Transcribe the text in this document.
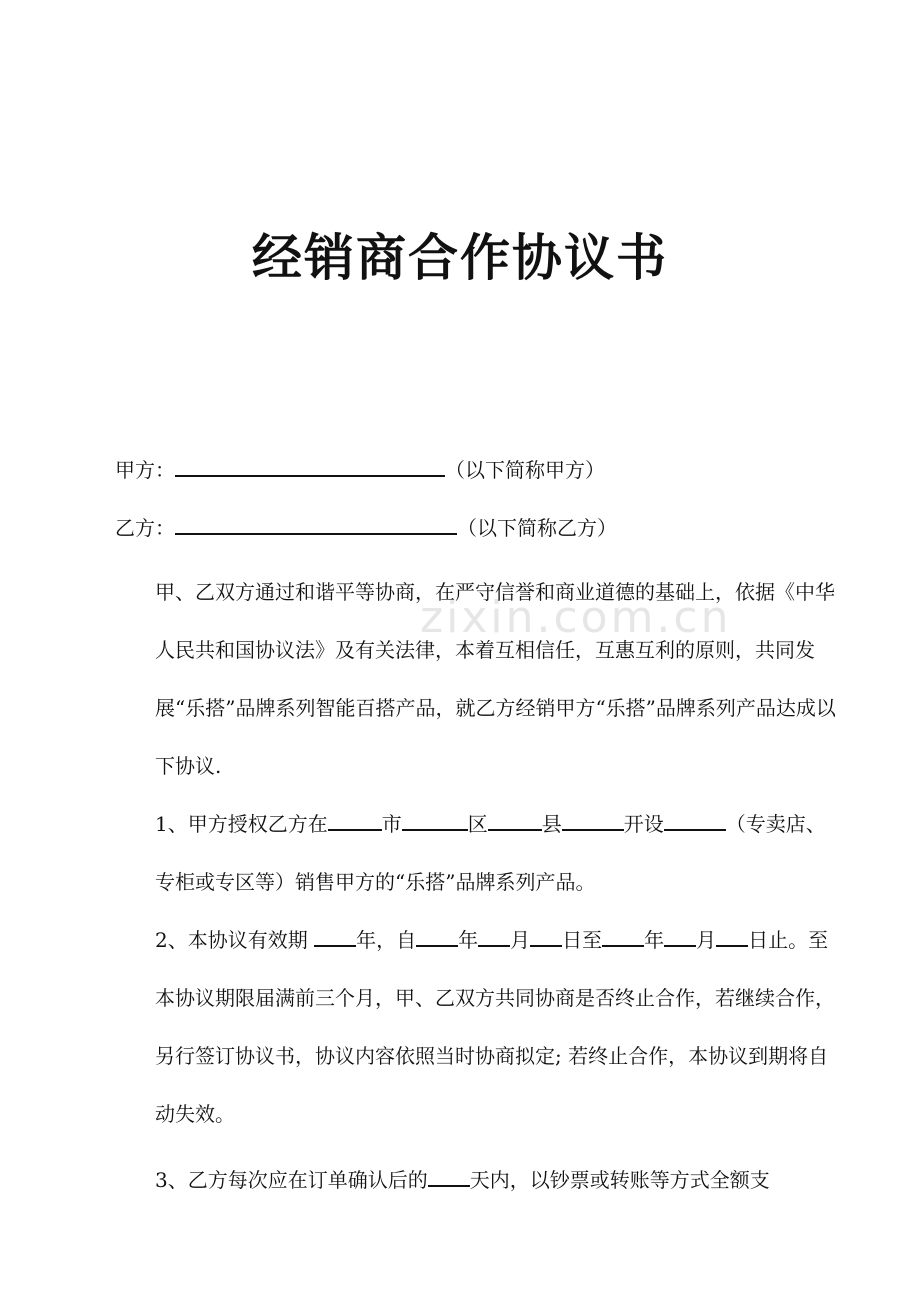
经销商合作协议书
zixin.com.cn
甲方：	（以下简称甲方）
乙方：	（以下简称乙方）

甲、乙双方通过和谐平等协商，在严守信誉和商业道德的基础上，依据《中华人民共和国协议法》及有关法律，本着互相信任，互惠互利的原则，共同发展“乐搭”品牌系列智能百搭产品，就乙方经销甲方“乐搭”品牌系列产品达成以下协议.

1、甲方授权乙方在	市	区	县	开设	（专卖店、专柜或专区等）销售甲方的“乐搭”品牌系列产品。

2、本协议有效期 年，自 年 月 日至 年 月 日止。至本协议期限届满前三个月，甲、乙双方共同协商是否终止合作，若继续合作，另行签订协议书，协议内容依照当时协商拟定; 若终止合作，本协议到期将自动失效。

3、乙方每次应在订单确认后的 天内，以钞票或转账等方式全额支
